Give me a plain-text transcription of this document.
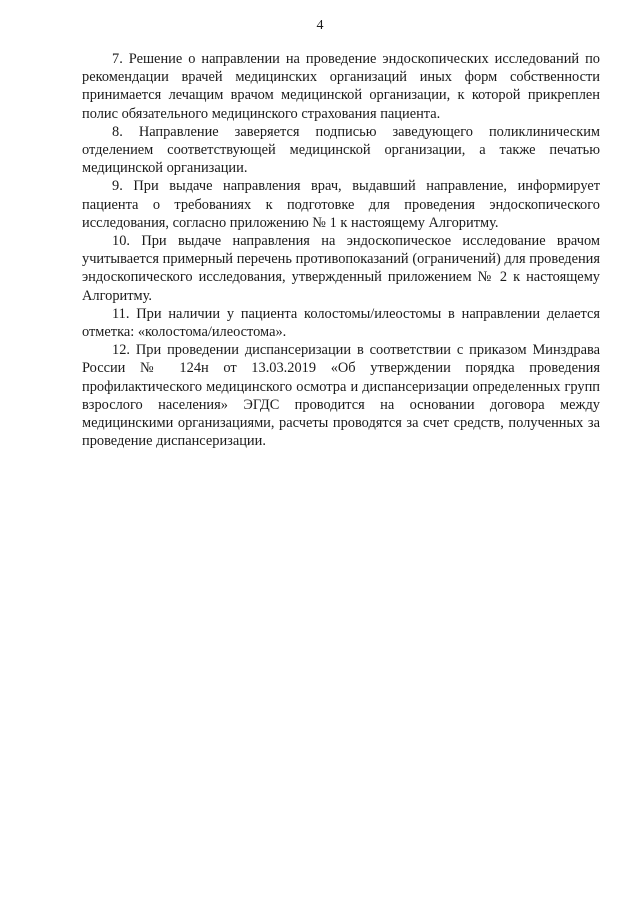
4

7. Решение о направлении на проведение эндоскопических исследований по рекомендации врачей медицинских организаций иных форм собственности принимается лечащим врачом медицинской организации, к которой прикреплен полис обязательного медицинского страхования пациента.

8. Направление заверяется подписью заведующего поликлиническим отделением соответствующей медицинской организации, а также печатью медицинской организации.

9. При выдаче направления врач, выдавший направление, информирует пациента о требованиях к подготовке для проведения эндоскопического исследования, согласно приложению № 1 к настоящему Алгоритму.

10. При выдаче направления на эндоскопическое исследование врачом учитывается примерный перечень противопоказаний (ограничений) для проведения эндоскопического исследования, утвержденный приложением № 2 к настоящему Алгоритму.

11. При наличии у пациента колостомы/илеостомы в направлении делается отметка: «колостома/илеостома».

12. При проведении диспансеризации в соответствии с приказом Минздрава России № 124н от 13.03.2019 «Об утверждении порядка проведения профилактического медицинского осмотра и диспансеризации определенных групп взрослого населения» ЭГДС проводится на основании договора между медицинскими организациями, расчеты проводятся за счет средств, полученных за проведение диспансеризации.
